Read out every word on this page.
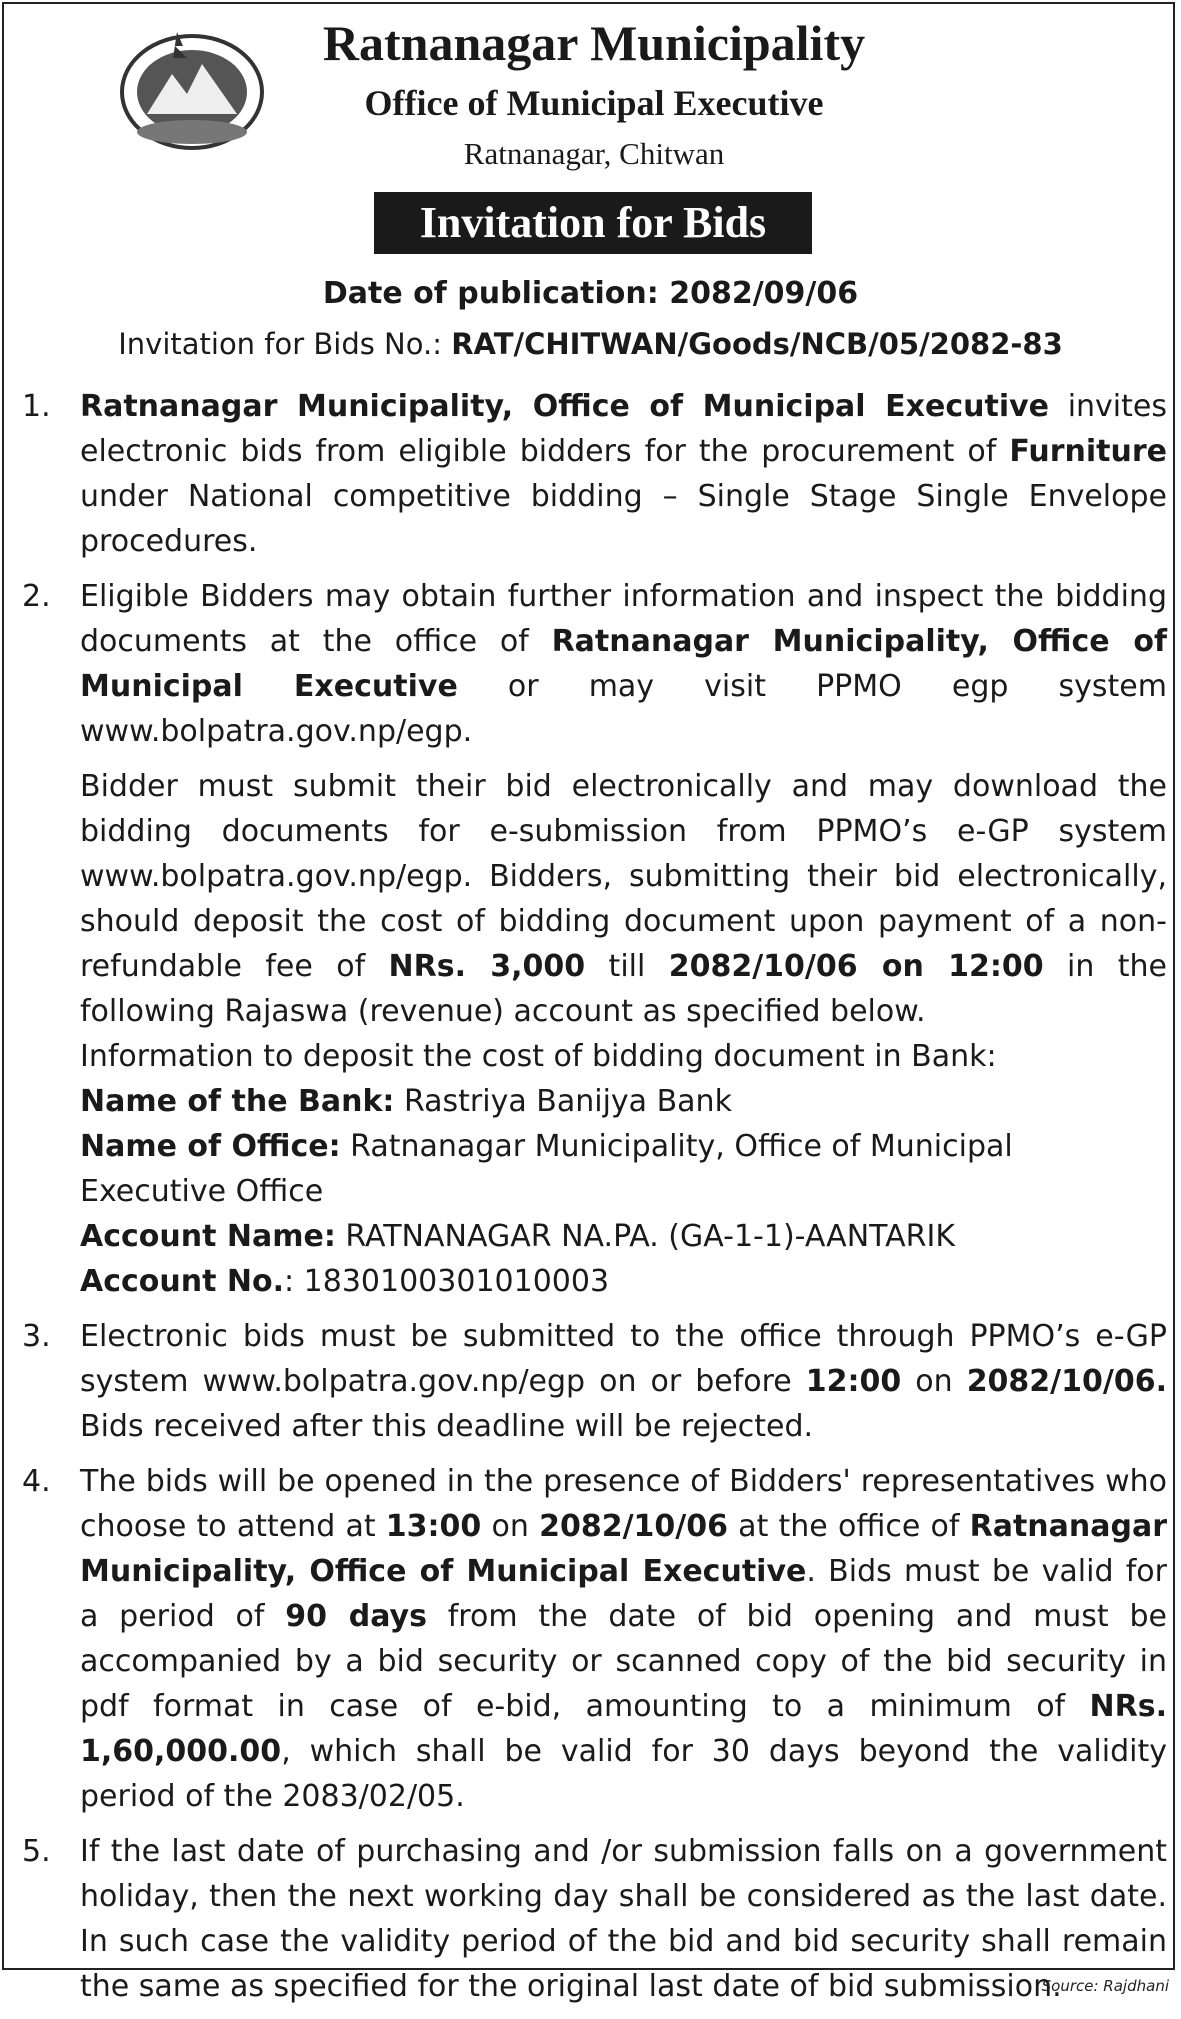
Ratnanagar Municipality
Office of Municipal Executive
Ratnanagar, Chitwan
Invitation for Bids
Date of publication: 2082/09/06
Invitation for Bids No.: RAT/CHITWAN/Goods/NCB/05/2082-83
1. Ratnanagar Municipality, Office of Municipal Executive invites electronic bids from eligible bidders for the procurement of Furniture under National competitive bidding – Single Stage Single Envelope procedures.
2. Eligible Bidders may obtain further information and inspect the bidding documents at the office of Ratnanagar Municipality, Office of Municipal Executive or may visit PPMO egp system www.bolpatra.gov.np/egp.
Bidder must submit their bid electronically and may download the bidding documents for e-submission from PPMO’s e-GP system www.bolpatra.gov.np/egp. Bidders, submitting their bid electronically, should deposit the cost of bidding document upon payment of a non-refundable fee of NRs. 3,000 till 2082/10/06 on 12:00 in the following Rajaswa (revenue) account as specified below.
Information to deposit the cost of bidding document in Bank:
Name of the Bank: Rastriya Banijya Bank
Name of Office: Ratnanagar Municipality, Office of Municipal Executive Office
Account Name: RATNANAGAR NA.PA. (GA-1-1)-AANTARIK
Account No.: 1830100301010003
3. Electronic bids must be submitted to the office through PPMO’s e-GP system www.bolpatra.gov.np/egp on or before 12:00 on 2082/10/06. Bids received after this deadline will be rejected.
4. The bids will be opened in the presence of Bidders' representatives who choose to attend at 13:00 on 2082/10/06 at the office of Ratnanagar Municipality, Office of Municipal Executive. Bids must be valid for a period of 90 days from the date of bid opening and must be accompanied by a bid security or scanned copy of the bid security in pdf format in case of e-bid, amounting to a minimum of NRs. 1,60,000.00, which shall be valid for 30 days beyond the validity period of the 2083/02/05.
5. If the last date of purchasing and /or submission falls on a government holiday, then the next working day shall be considered as the last date. In such case the validity period of the bid and bid security shall remain the same as specified for the original last date of bid submission.
Source: Rajdhani
